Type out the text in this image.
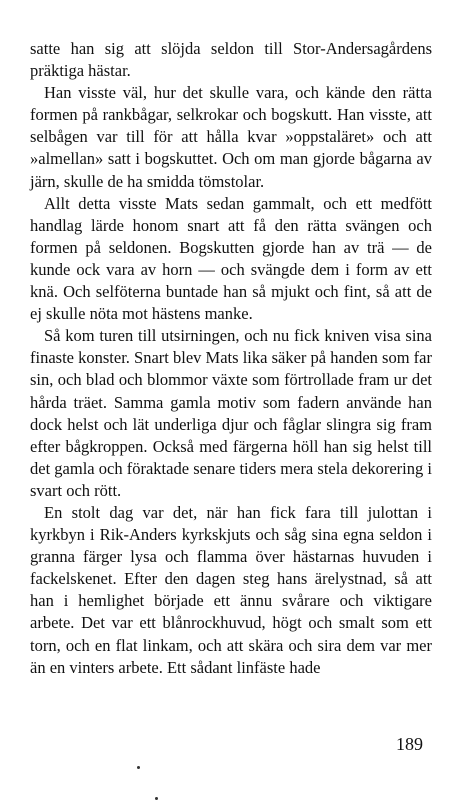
satte han sig att slöjda seldon till Stor-Andersagårdens präktiga hästar.

Han visste väl, hur det skulle vara, och kände den rätta formen på rankbågar, selkrokar och bogskutt. Han visste, att selbågen var till för att hålla kvar »oppstaläret» och att »almellan» satt i bogskuttet. Och om man gjorde bågarna av järn, skulle de ha smidda tömstolar.

Allt detta visste Mats sedan gammalt, och ett medfött handlag lärde honom snart att få den rätta svängen och formen på seldonen. Bogskutten gjorde han av trä — de kunde ock vara av horn — och svängde dem i form av ett knä. Och selföterna buntade han så mjukt och fint, så att de ej skulle nöta mot hästens manke.

Så kom turen till utsirningen, och nu fick kniven visa sina finaste konster. Snart blev Mats lika säker på handen som far sin, och blad och blommor växte som förtrollade fram ur det hårda träet. Samma gamla motiv som fadern använde han dock helst och lät underliga djur och fåglar slingra sig fram efter bågkroppen. Också med färgerna höll han sig helst till det gamla och föraktade senare tiders mera stela dekorering i svart och rött.

En stolt dag var det, när han fick fara till julottan i kyrkbyn i Rik-Anders kyrkskjuts och såg sina egna seldon i granna färger lysa och flamma över hästarnas huvuden i fackelskenet. Efter den dagen steg hans ärelystnad, så att han i hemlighet började ett ännu svårare och viktigare arbete. Det var ett blånrockhuvud, högt och smalt som ett torn, och en flat linkam, och att skära och sira dem var mer än en vinters arbete. Ett sådant linfäste hade

189
